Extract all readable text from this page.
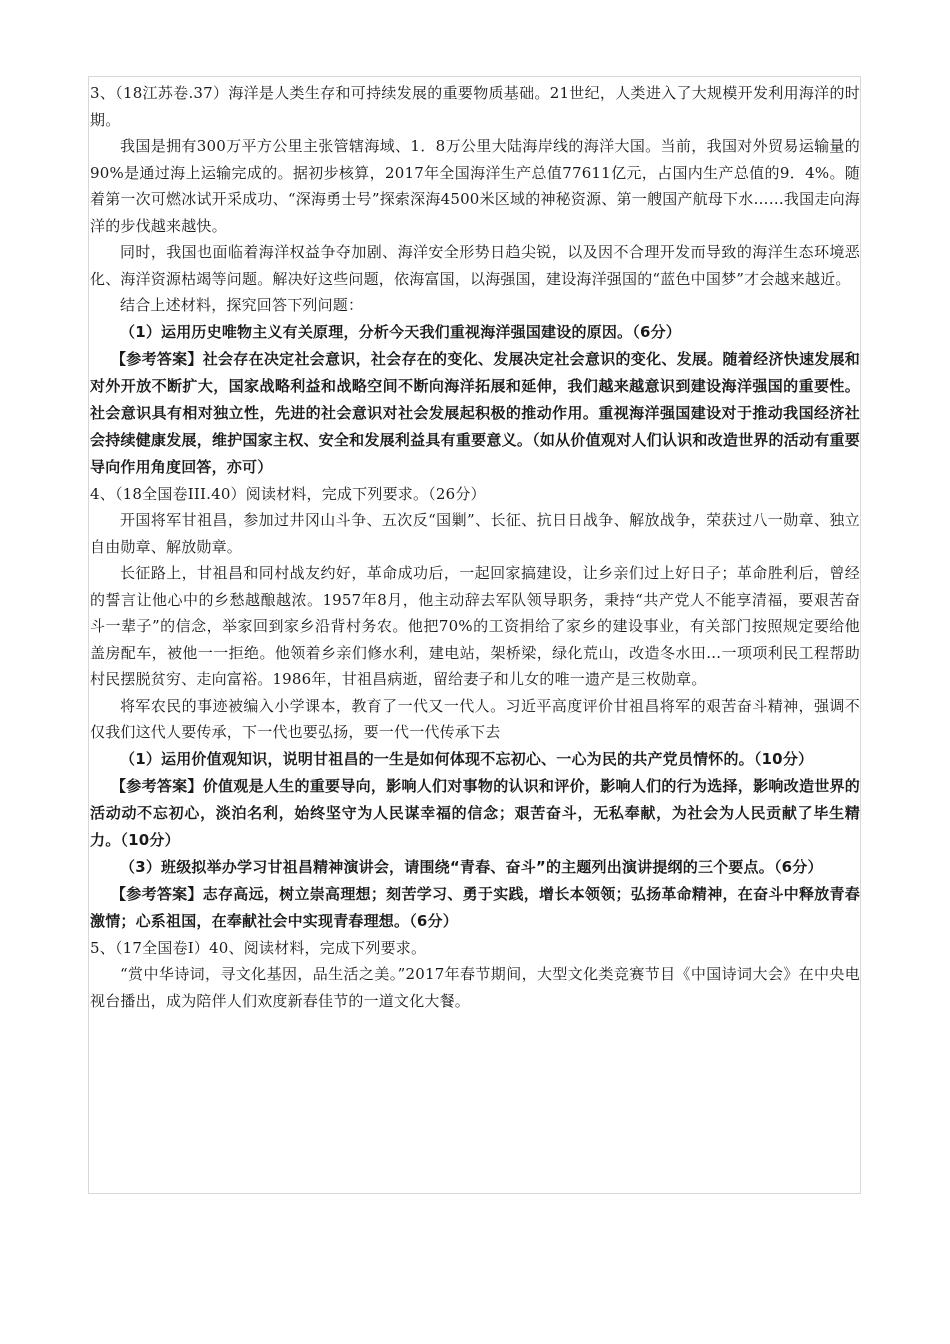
3、（18江苏卷.37）海洋是人类生存和可持续发展的重要物质基础。21世纪，人类进入了大规模开发利用海洋的时期。

我国是拥有300万平方公里主张管辖海域、1．8万公里大陆海岸线的海洋大国。当前，我国对外贸易运输量的90%是通过海上运输完成的。据初步核算，2017年全国海洋生产总值77611亿元，占国内生产总值的9．4%。随着第一次可燃冰试开采成功、“深海勇士号”探索深海4500米区域的神秘资源、第一艘国产航母下水……我国走向海洋的步伐越来越快。

同时，我国也面临着海洋权益争夺加剧、海洋安全形势日趋尖锐，以及因不合理开发而导致的海洋生态环境恶化、海洋资源枯竭等问题。解决好这些问题，依海富国，以海强国，建设海洋强国的“蓝色中国梦”才会越来越近。

结合上述材料，探究回答下列问题：

（1）运用历史唯物主义有关原理，分析今天我们重视海洋强国建设的原因。（6分）

【参考答案】社会存在决定社会意识，社会存在的变化、发展决定社会意识的变化、发展。随着经济快速发展和对外开放不断扩大，国家战略利益和战略空间不断向海洋拓展和延伸，我们越来越意识到建设海洋强国的重要性。社会意识具有相对独立性，先进的社会意识对社会发展起积极的推动作用。重视海洋强国建设对于推动我国经济社会持续健康发展，维护国家主权、安全和发展利益具有重要意义。（如从价值观对人们认识和改造世界的活动有重要导向作用角度回答，亦可）

4、（18全国卷III.40）阅读材料，完成下列要求。（26分）

开国将军甘祖昌，参加过井冈山斗争、五次反“国剿”、长征、抗日日战争、解放战争，荣获过八一勋章、独立自由勋章、解放勋章。

长征路上，甘祖昌和同村战友约好，革命成功后，一起回家搞建设，让乡亲们过上好日子；革命胜利后，曾经的誓言让他心中的乡愁越酿越浓。1957年8月，他主动辞去军队领导职务，秉持“共产党人不能享清福，要艰苦奋斗一辈子”的信念，举家回到家乡沿背村务农。他把70%的工资捐给了家乡的建设事业，有关部门按照规定要给他盖房配车，被他一一拒绝。他领着乡亲们修水利，建电站，架桥梁，绿化荒山，改造冬水田…一项项利民工程帮助村民摆脱贫穷、走向富裕。1986年，甘祖昌病逝，留给妻子和儿女的唯一遗产是三枚勋章。

将军农民的事迹被编入小学课本，教育了一代又一代人。习近平高度评价甘祖昌将军的艰苦奋斗精神，强调不仅我们这代人要传承，下一代也要弘扬，要一代一代传承下去

（1）运用价值观知识，说明甘祖昌的一生是如何体现不忘初心、一心为民的共产党员情怀的。（10分）

【参考答案】价值观是人生的重要导向，影响人们对事物的认识和评价，影响人们的行为选择，影响改造世界的活动动不忘初心，淡泊名利，始终坚守为人民谋幸福的信念；艰苦奋斗，无私奉献，为社会为人民贡献了毕生精力。（10分）

（3）班级拟举办学习甘祖昌精神演讲会，请围绕“青春、奋斗”的主题列出演讲提纲的三个要点。（6分）

【参考答案】志存高远，树立崇高理想；刻苦学习、勇于实践，增长本领领；弘扬革命精神，在奋斗中释放青春激情；心系祖国，在奉献社会中实现青春理想。（6分）

5、（17全国卷Ⅰ）40、阅读材料，完成下列要求。

“赏中华诗词，寻文化基因，品生活之美。”2017年春节期间，大型文化类竞赛节目《中国诗词大会》在中央电视台播出，成为陪伴人们欢度新春佳节的一道文化大餐。
